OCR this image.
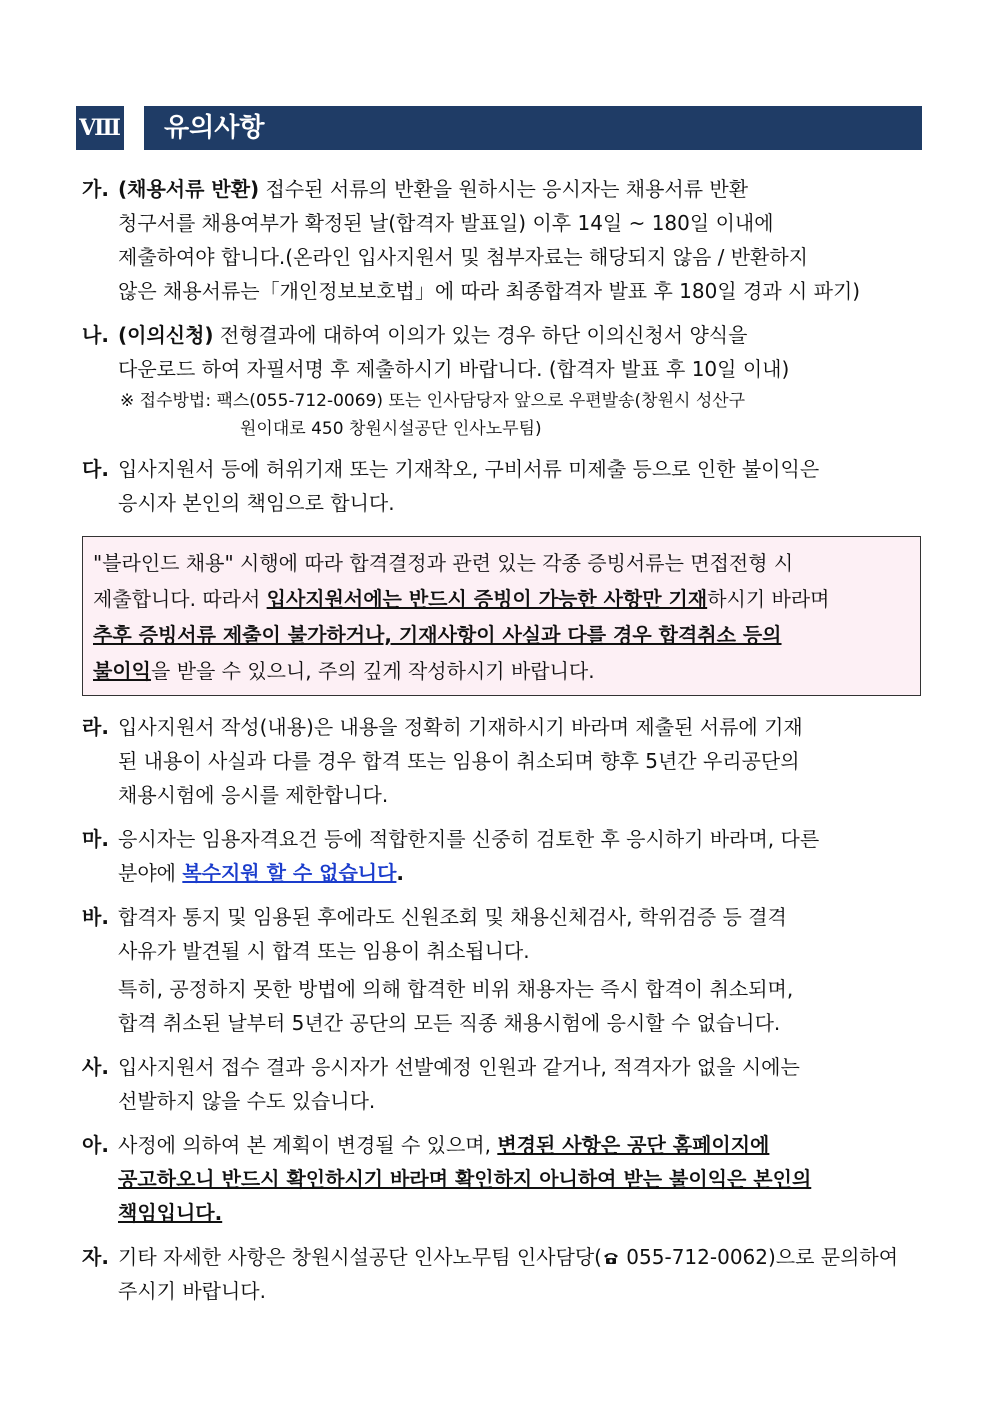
Ⅷ	유의사항
가. (채용서류 반환) 접수된 서류의 반환을 원하시는 응시자는 채용서류 반환
청구서를 채용여부가 확정된 날(합격자 발표일) 이후 14일 ~ 180일 이내에
제출하여야 합니다.(온라인 입사지원서 및 첨부자료는 해당되지 않음 / 반환하지
않은 채용서류는「개인정보보호법」에 따라 최종합격자 발표 후 180일 경과 시 파기)
나. (이의신청) 전형결과에 대하여 이의가 있는 경우 하단 이의신청서 양식을
다운로드 하여 자필서명 후 제출하시기 바랍니다. (합격자 발표 후 10일 이내)
※ 접수방법: 팩스(055-712-0069) 또는 인사담당자 앞으로 우편발송(창원시 성산구
원이대로 450 창원시설공단 인사노무팀)
다. 입사지원서 등에 허위기재 또는 기재착오, 구비서류 미제출 등으로 인한 불이익은
응시자 본인의 책임으로 합니다.
"블라인드 채용" 시행에 따라 합격결정과 관련 있는 각종 증빙서류는 면접전형 시
제출합니다. 따라서 입사지원서에는 반드시 증빙이 가능한 사항만 기재하시기 바라며
추후 증빙서류 제출이 불가하거나, 기재사항이 사실과 다를 경우 합격취소 등의
불이익을 받을 수 있으니, 주의 깊게 작성하시기 바랍니다.
라. 입사지원서 작성(내용)은 내용을 정확히 기재하시기 바라며 제출된 서류에 기재
된 내용이 사실과 다를 경우 합격 또는 임용이 취소되며 향후 5년간 우리공단의
채용시험에 응시를 제한합니다.
마. 응시자는 임용자격요건 등에 적합한지를 신중히 검토한 후 응시하기 바라며, 다른
분야에 복수지원 할 수 없습니다.
바. 합격자 통지 및 임용된 후에라도 신원조회 및 채용신체검사, 학위검증 등 결격
사유가 발견될 시 합격 또는 임용이 취소됩니다.
특히, 공정하지 못한 방법에 의해 합격한 비위 채용자는 즉시 합격이 취소되며,
합격 취소된 날부터 5년간 공단의 모든 직종 채용시험에 응시할 수 없습니다.
사. 입사지원서 접수 결과 응시자가 선발예정 인원과 같거나, 적격자가 없을 시에는
선발하지 않을 수도 있습니다.
아. 사정에 의하여 본 계획이 변경될 수 있으며, 변경된 사항은 공단 홈페이지에
공고하오니 반드시 확인하시기 바라며 확인하지 아니하여 받는 불이익은 본인의
책임입니다.
자. 기타 자세한 사항은 창원시설공단 인사노무팀 인사담당( 055-712-0062)으로 문의하여
주시기 바랍니다.
